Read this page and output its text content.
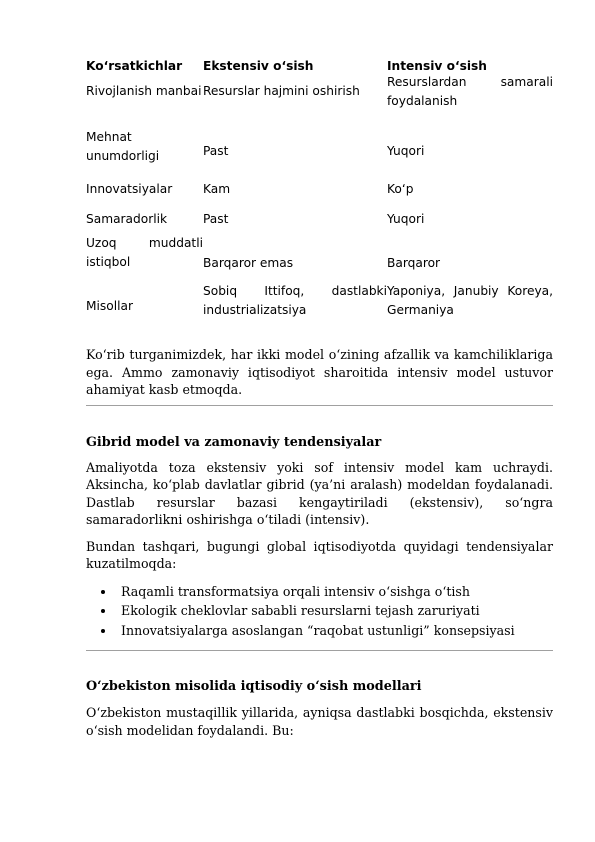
Ko‘rsatkichlar	Ekstensiv o‘sish	Intensiv o‘sish
Rivojlanish manbai	Resurslar hajmini oshirish	Resurslardan samarali foydalanish

Mehnat unumdorligi	Past	Yuqori
Innovatsiyalar	Kam	Ko‘p
Samaradorlik	Past	Yuqori

Uzoq muddatli istiqbol	Barqaror emas	Barqaror
Misollar	Sobiq Ittifoq, dastlabki industrializatsiya	Yaponiya, Janubiy Koreya, Germaniya

Ko‘rib turganimizdek, har ikki model o‘zining afzallik va kamchiliklariga ega. Ammo zamonaviy iqtisodiyot sharoitida intensiv model ustuvor ahamiyat kasb etmoqda.

Gibrid model va zamonaviy tendensiyalar

Amaliyotda toza ekstensiv yoki sof intensiv model kam uchraydi. Aksincha, ko‘plab davlatlar gibrid (ya’ni aralash) modeldan foydalanadi. Dastlab resurslar bazasi kengaytiriladi (ekstensiv), so‘ngra samaradorlikni oshirishga o‘tiladi (intensiv).

Bundan tashqari, bugungi global iqtisodiyotda quyidagi tendensiyalar kuzatilmoqda:

Raqamli transformatsiya orqali intensiv o‘sishga o‘tish
Ekologik cheklovlar sababli resurslarni tejash zaruriyati
Innovatsiyalarga asoslangan “raqobat ustunligi” konsepsiyasi
O‘zbekiston misolida iqtisodiy o‘sish modellari

O‘zbekiston mustaqillik yillarida, ayniqsa dastlabki bosqichda, ekstensiv o‘sish modelidan foydalandi. Bu:
